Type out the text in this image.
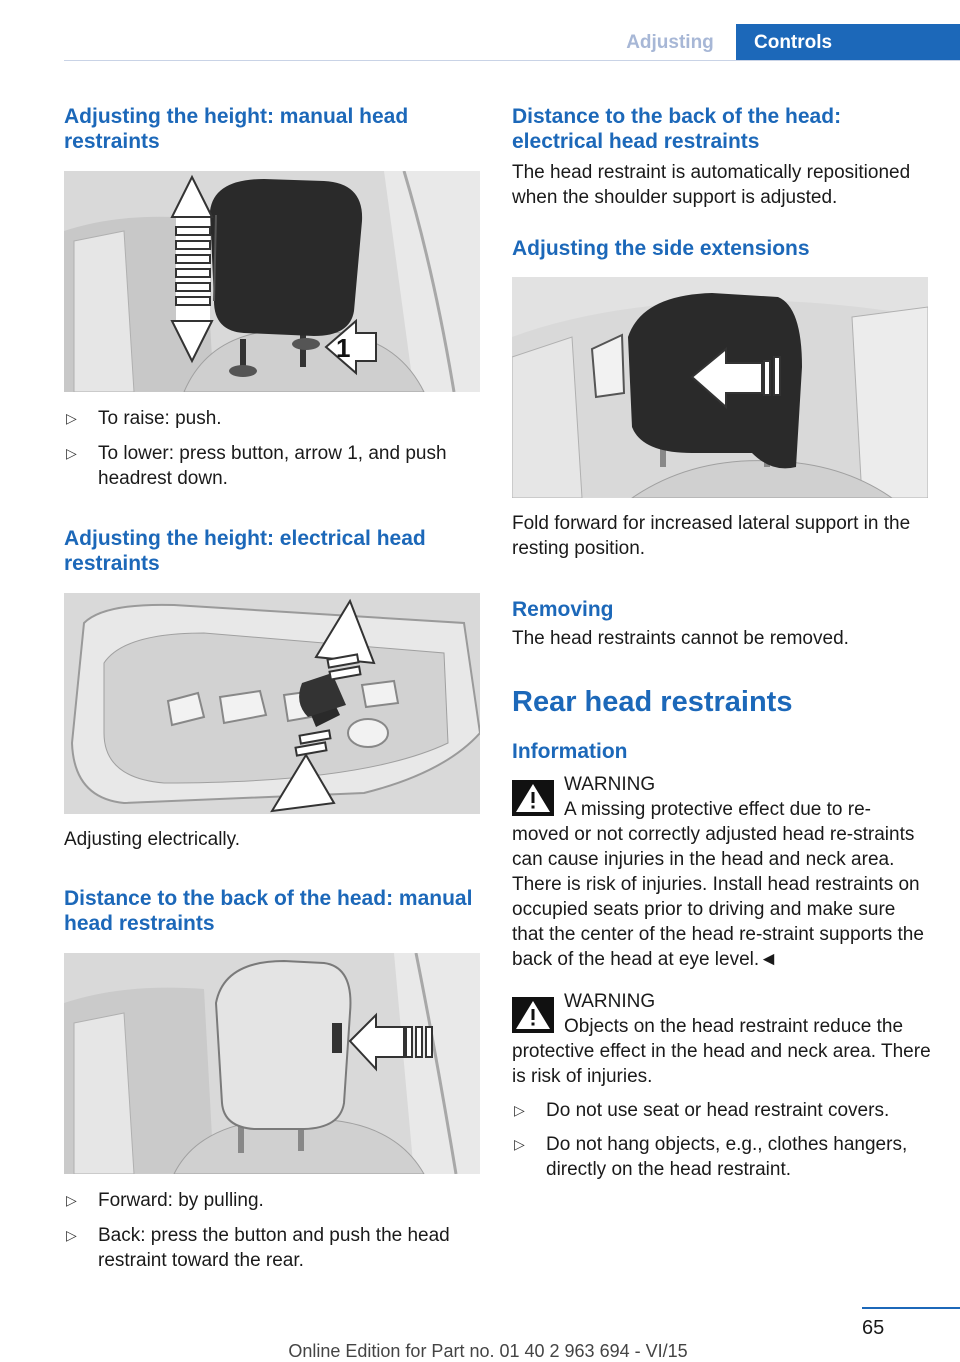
Adjusting	Controls
Adjusting the height: manual head restraints
1
▷ To raise: push.
▷ To lower: press button, arrow 1, and push headrest down.
Adjusting the height: electrical head restraints

Adjusting electrically.

Distance to the back of the head: manual head restraints
▷ Forward: by pulling.
▷ Back: press the button and push the head restraint toward the rear.
Distance to the back of the head: electrical head restraints

The head restraint is automatically repositioned when the shoulder support is adjusted.

Adjusting the side extensions

Fold forward for increased lateral support in the resting position.

Removing

The head restraints cannot be removed.

Rear head restraints
Information

WARNING
A missing protective effect due to re-
moved or not correctly adjusted head re-straints can cause injuries in the head and neck area. There is risk of injuries. Install head restraints on occupied seats prior to driving and make sure that the center of the head re-straint supports the back of the head at eye level.◄

WARNING
Objects on the head restraint reduce the
protective effect in the head and neck area. There is risk of injuries.

▷ Do not use seat or head restraint covers.
▷ Do not hang objects, e.g., clothes hangers, directly on the head restraint.
65
Online Edition for Part no. 01 40 2 963 694 - VI/15
